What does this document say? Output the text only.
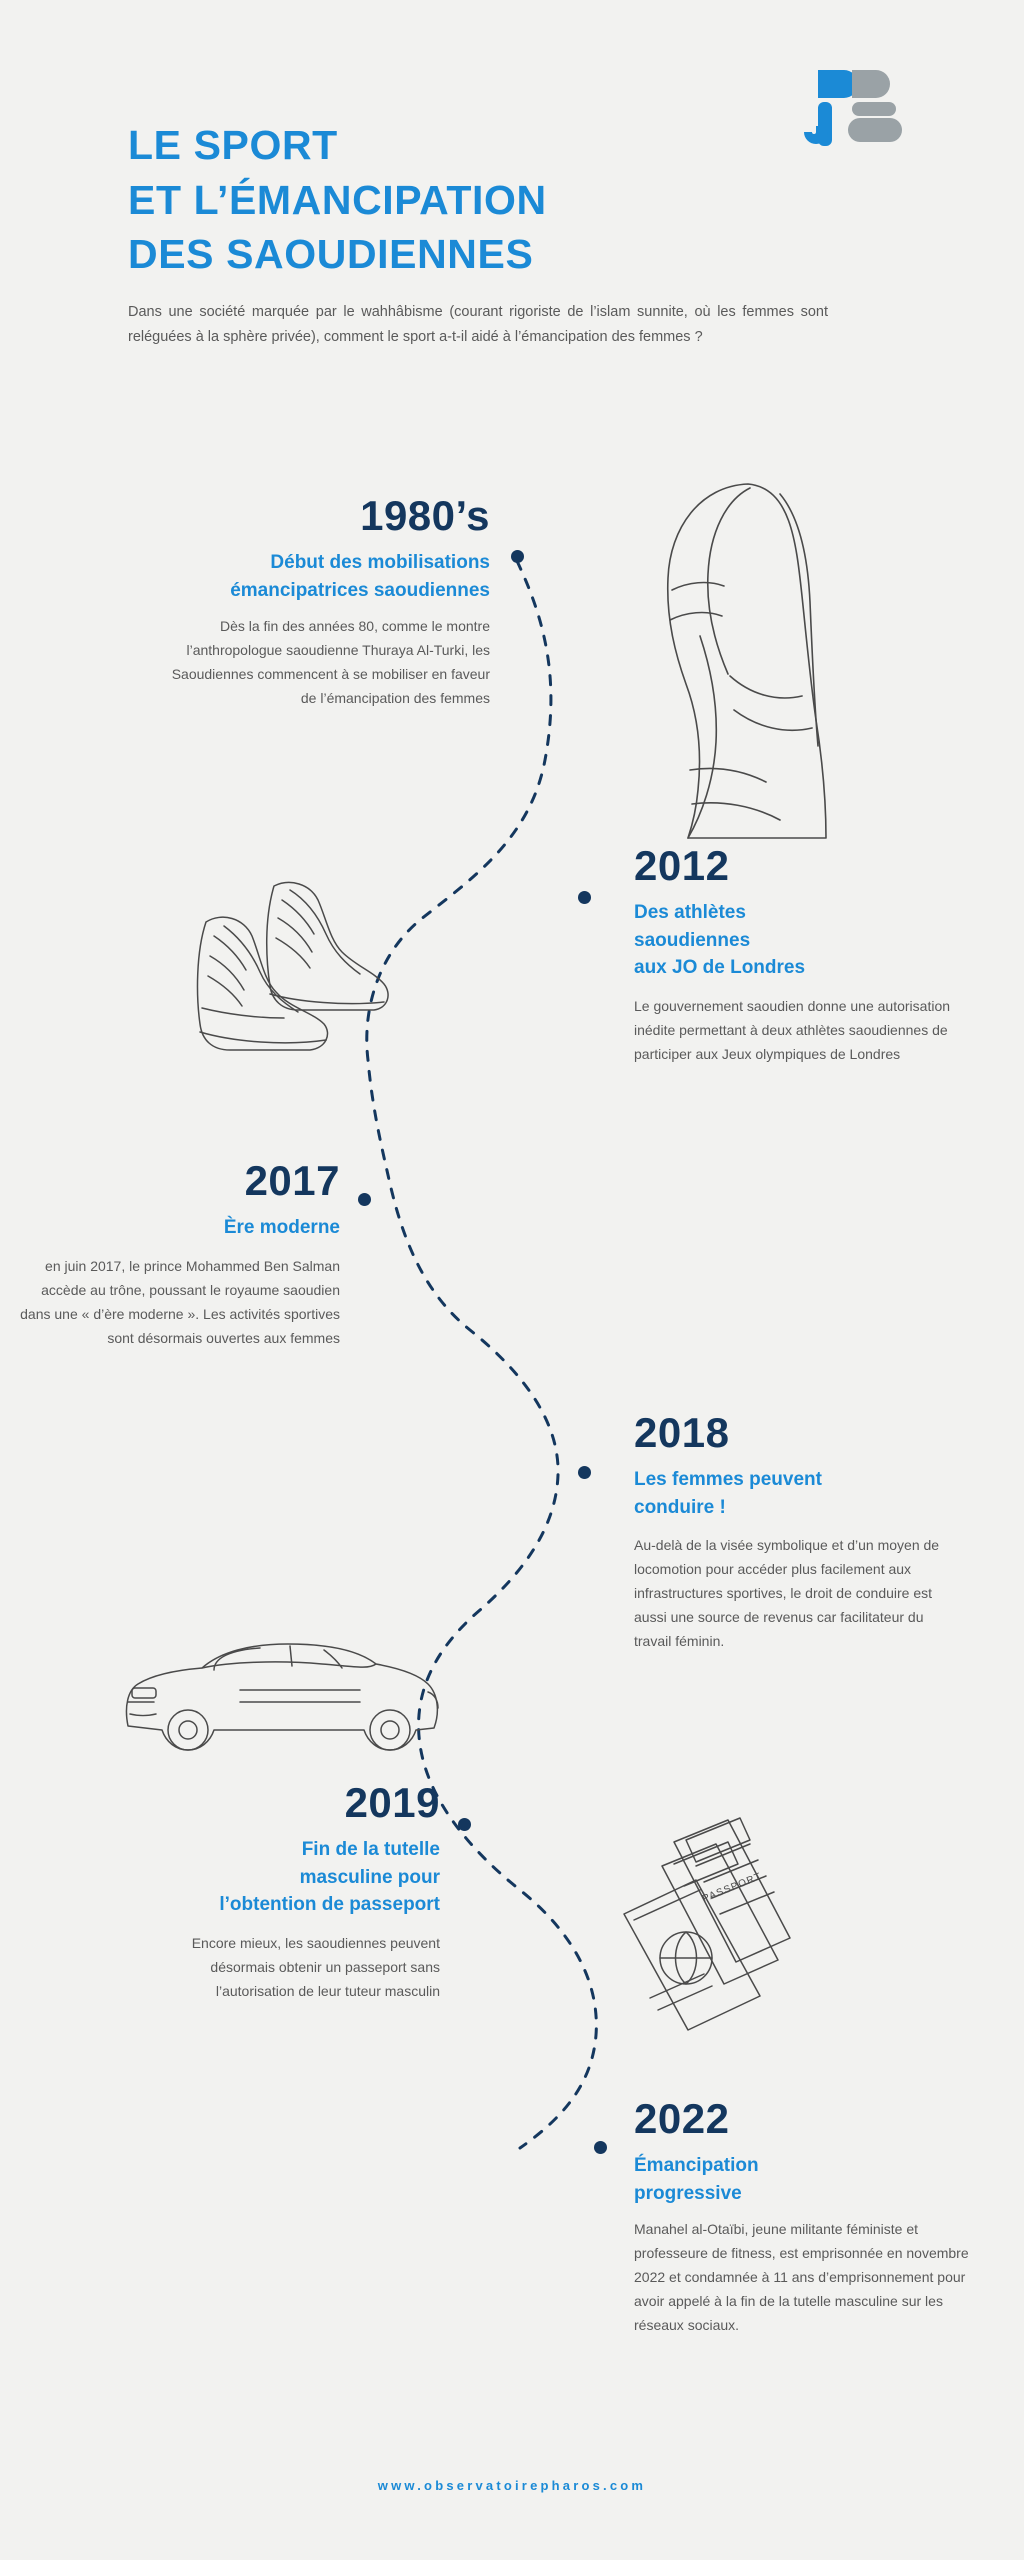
LE SPORT
ET L’ÉMANCIPATION
DES SAOUDIENNES

Dans une société marquée par le wahhâbisme (courant rigoriste de l’islam sunnite, où les femmes sont reléguées à la sphère privée), comment le sport a-t-il aidé à l’émancipation des femmes ?

PASSPORT
1980’s
Début des mobilisations
émancipatrices saoudiennes
Dès la fin des années 80, comme le montre l’anthropologue saoudienne Thuraya Al-Turki, les Saoudiennes commencent à se mobiliser en faveur de l’émancipation des femmes
2012
Des athlètes
saoudiennes
aux JO de Londres
Le gouvernement saoudien donne une autorisation inédite permettant à deux athlètes saoudiennes de participer aux Jeux olympiques de Londres
2017
Ère moderne
en juin 2017, le prince Mohammed Ben Salman accède au trône, poussant le royaume saoudien dans une « d’ère moderne ». Les activités sportives sont désormais ouvertes aux femmes
2018
Les femmes peuvent
conduire !
Au-delà de la visée symbolique et d’un moyen de locomotion pour accéder plus facilement aux infrastructures sportives, le droit de conduire est aussi une source de revenus car facilitateur du travail féminin.
2019
Fin de la tutelle
masculine pour
l’obtention de passeport
Encore mieux, les saoudiennes peuvent désormais obtenir un passeport sans l’autorisation de leur tuteur masculin
2022
Émancipation
progressive
Manahel al-Otaïbi, jeune militante féministe et professeure de fitness, est emprisonnée en novembre 2022 et condamnée à 11 ans d’emprisonnement pour avoir appelé à la fin de la tutelle masculine sur les réseaux sociaux.
www.observatoirepharos.com
